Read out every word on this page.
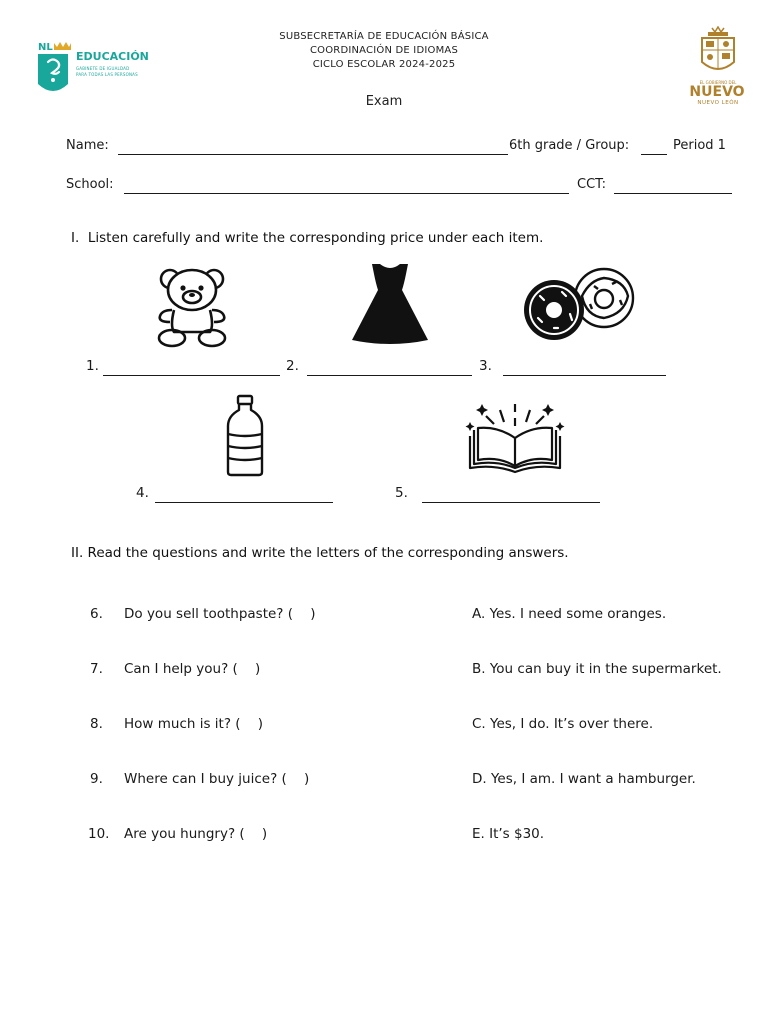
NL
EDUCACIÓN
GABINETE DE IGUALDAD
PARA TODAS LAS PERSONAS
SUBSECRETARÍA DE EDUCACIÓN BÁSICA
COORDINACIÓN DE IDIOMAS
CICLO ESCOLAR 2024-2025
Exam
EL GOBIERNO DEL
NUEVO
NUEVO LEÓN
Name:	6th grade / Group:	Period 1
School:	CCT:
I.  Listen carefully and write the corresponding price under each item.
1.	2.	3.
4.	5.
II. Read the questions and write the letters of the corresponding answers.
6. Do you sell toothpaste? (    )	A. Yes. I need some oranges.
7. Can I help you? (    )	B. You can buy it in the supermarket.
8. How much is it? (    )	C. Yes, I do. It’s over there.
9. Where can I buy juice? (    )	D. Yes, I am. I want a hamburger.
10. Are you hungry? (    )	E. It’s $30.
